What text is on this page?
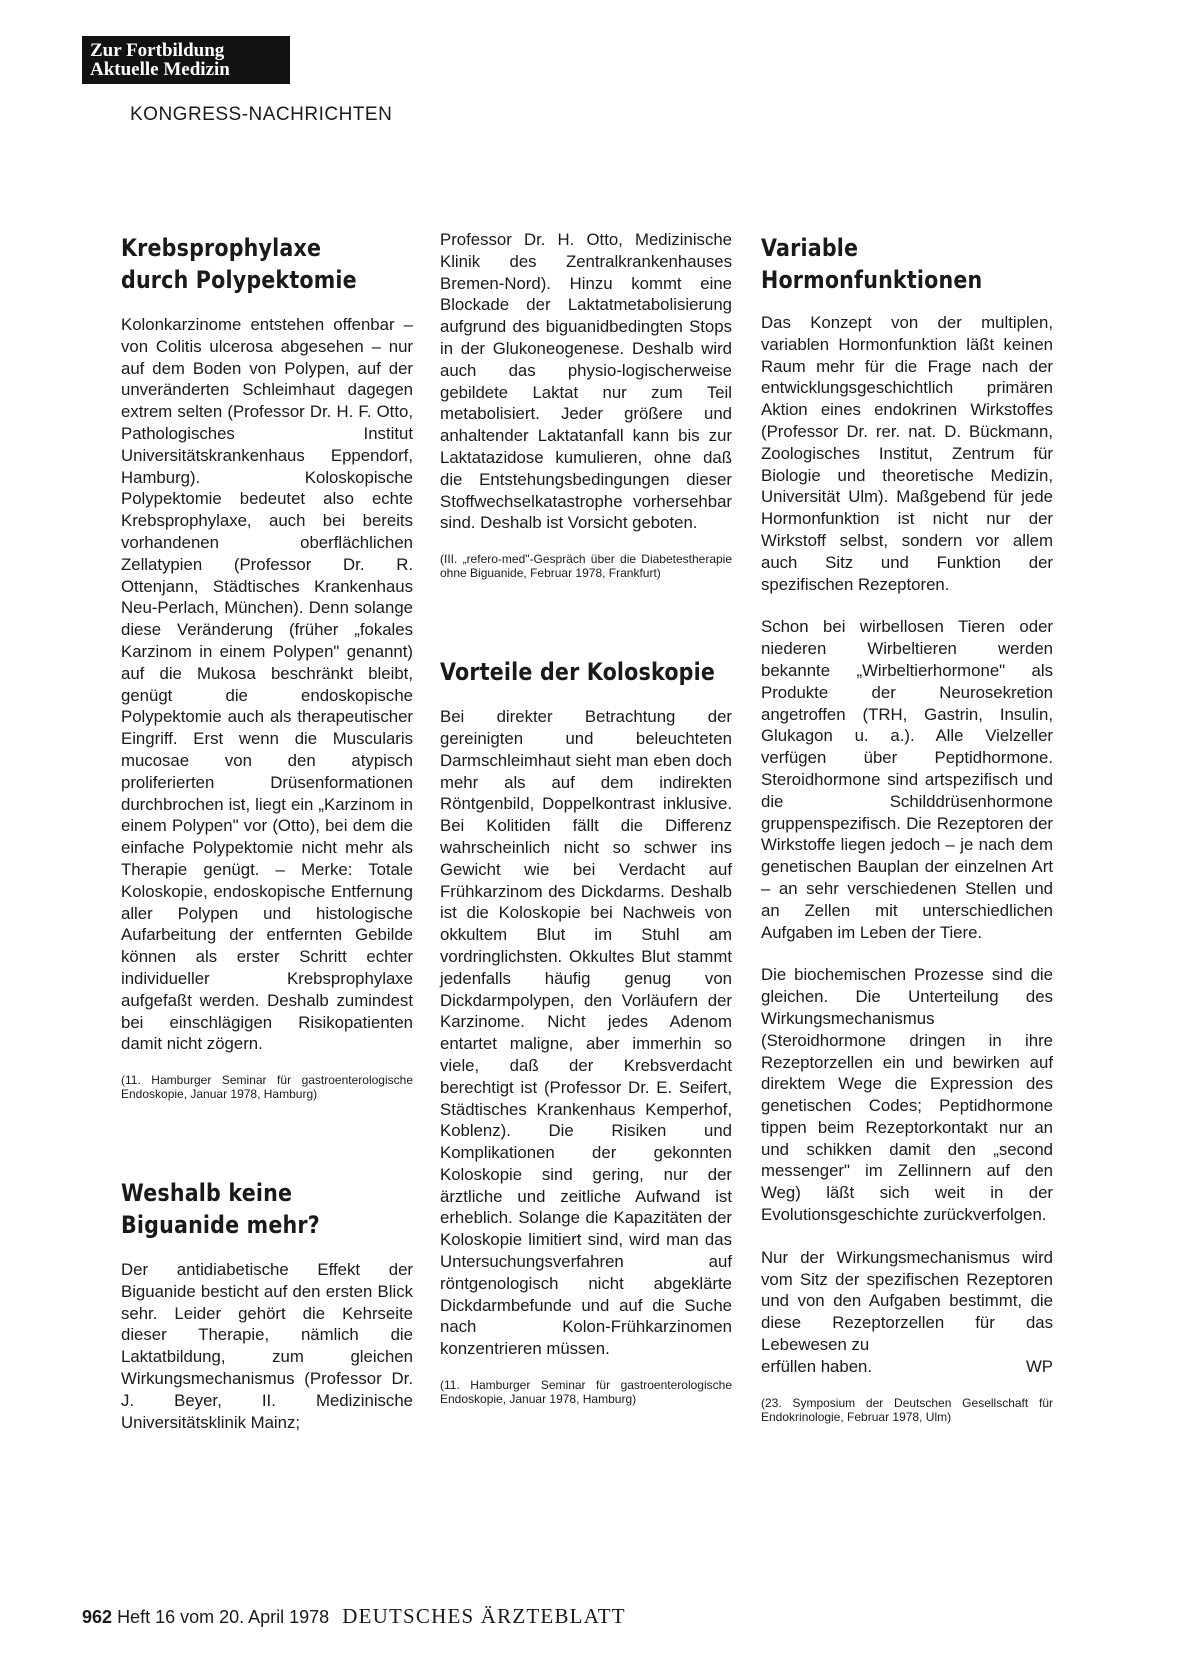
Zur Fortbildung
Aktuelle Medizin
KONGRESS-NACHRICHTEN
Krebsprophylaxe
durch Polypektomie

Kolonkarzinome entstehen offenbar – von Colitis ulcerosa abgesehen – nur auf dem Boden von Polypen, auf der unveränderten Schleimhaut dagegen extrem selten (Professor Dr. H. F. Otto, Pathologisches Institut Universitätskrankenhaus Eppendorf, Hamburg). Koloskopische Polypektomie bedeutet also echte Krebsprophylaxe, auch bei bereits vorhandenen oberflächlichen Zellatypien (Professor Dr. R. Ottenjann, Städtisches Krankenhaus Neu-Perlach, München). Denn solange diese Veränderung (früher „fokales Karzinom in einem Polypen" genannt) auf die Mukosa beschränkt bleibt, genügt die endoskopische Polypektomie auch als therapeutischer Eingriff. Erst wenn die Muscularis mucosae von den atypisch proliferierten Drüsenformationen durchbrochen ist, liegt ein „Karzinom in einem Polypen" vor (Otto), bei dem die einfache Polypektomie nicht mehr als Therapie genügt. – Merke: Totale Koloskopie, endoskopische Entfernung aller Polypen und histologische Aufarbeitung der entfernten Gebilde können als erster Schritt echter individueller Krebsprophylaxe aufgefaßt werden. Deshalb zumindest bei einschlägigen Risikopatienten damit nicht zögern.

(11. Hamburger Seminar für gastroenterologische Endoskopie, Januar 1978, Hamburg)
Weshalb keine
Biguanide mehr?

Der antidiabetische Effekt der Biguanide besticht auf den ersten Blick sehr. Leider gehört die Kehrseite dieser Therapie, nämlich die Laktatbildung, zum gleichen Wirkungsmechanismus (Professor Dr. J. Beyer, II. Medizinische Universitätsklinik Mainz;

Professor Dr. H. Otto, Medizinische Klinik des Zentralkrankenhauses Bremen-Nord). Hinzu kommt eine Blockade der Laktatmetabolisierung aufgrund des biguanidbedingten Stops in der Glukoneogenese. Deshalb wird auch das physio-logischerweise gebildete Laktat nur zum Teil metabolisiert. Jeder größere und anhaltender Laktatanfall kann bis zur Laktatazidose kumulieren, ohne daß die Entstehungsbedingungen dieser Stoffwechselkatastrophe vorhersehbar sind. Deshalb ist Vorsicht geboten.

(III. „refero-med"-Gespräch über die Diabetestherapie ohne Biguanide, Februar 1978, Frankfurt)
Vorteile der Koloskopie

Bei direkter Betrachtung der gereinigten und beleuchteten Darmschleimhaut sieht man eben doch mehr als auf dem indirekten Röntgenbild, Doppelkontrast inklusive. Bei Kolitiden fällt die Differenz wahrscheinlich nicht so schwer ins Gewicht wie bei Verdacht auf Frühkarzinom des Dickdarms. Deshalb ist die Koloskopie bei Nachweis von okkultem Blut im Stuhl am vordringlichsten. Okkultes Blut stammt jedenfalls häufig genug von Dickdarmpolypen, den Vorläufern der Karzinome. Nicht jedes Adenom entartet maligne, aber immerhin so viele, daß der Krebsverdacht berechtigt ist (Professor Dr. E. Seifert, Städtisches Krankenhaus Kemperhof, Koblenz). Die Risiken und Komplikationen der gekonnten Koloskopie sind gering, nur der ärztliche und zeitliche Aufwand ist erheblich. Solange die Kapazitäten der Koloskopie limitiert sind, wird man das Untersuchungsverfahren auf röntgenologisch nicht abgeklärte Dickdarmbefunde und auf die Suche nach Kolon-Frühkarzinomen konzentrieren müssen.

(11. Hamburger Seminar für gastroenterologische Endoskopie, Januar 1978, Hamburg)
Variable
Hormonfunktionen

Das Konzept von der multiplen, variablen Hormonfunktion läßt keinen Raum mehr für die Frage nach der entwicklungsgeschichtlich primären Aktion eines endokrinen Wirkstoffes (Professor Dr. rer. nat. D. Bückmann, Zoologisches Institut, Zentrum für Biologie und theoretische Medizin, Universität Ulm). Maßgebend für jede Hormonfunktion ist nicht nur der Wirkstoff selbst, sondern vor allem auch Sitz und Funktion der spezifischen Rezeptoren.

Schon bei wirbellosen Tieren oder niederen Wirbeltieren werden bekannte „Wirbeltierhormone" als Produkte der Neurosekretion angetroffen (TRH, Gastrin, Insulin, Glukagon u. a.). Alle Vielzeller verfügen über Peptidhormone. Steroidhormone sind artspezifisch und die Schilddrüsenhormone gruppenspezifisch. Die Rezeptoren der Wirkstoffe liegen jedoch – je nach dem genetischen Bauplan der einzelnen Art – an sehr verschiedenen Stellen und an Zellen mit unterschiedlichen Aufgaben im Leben der Tiere.

Die biochemischen Prozesse sind die gleichen. Die Unterteilung des Wirkungsmechanismus (Steroidhormone dringen in ihre Rezeptorzellen ein und bewirken auf direktem Wege die Expression des genetischen Codes; Peptidhormone tippen beim Rezeptorkontakt nur an und schikken damit den „second messenger" im Zellinnern auf den Weg) läßt sich weit in der Evolutionsgeschichte zurückverfolgen.

Nur der Wirkungsmechanismus wird vom Sitz der spezifischen Rezeptoren und von den Aufgaben bestimmt, die diese Rezeptorzellen für das Lebewesen zu

erfüllen haben.	WP
(23. Symposium der Deutschen Gesellschaft für Endokrinologie, Februar 1978, Ulm)
962 Heft 16 vom 20. April 1978 DEUTSCHES ÄRZTEBLATT
